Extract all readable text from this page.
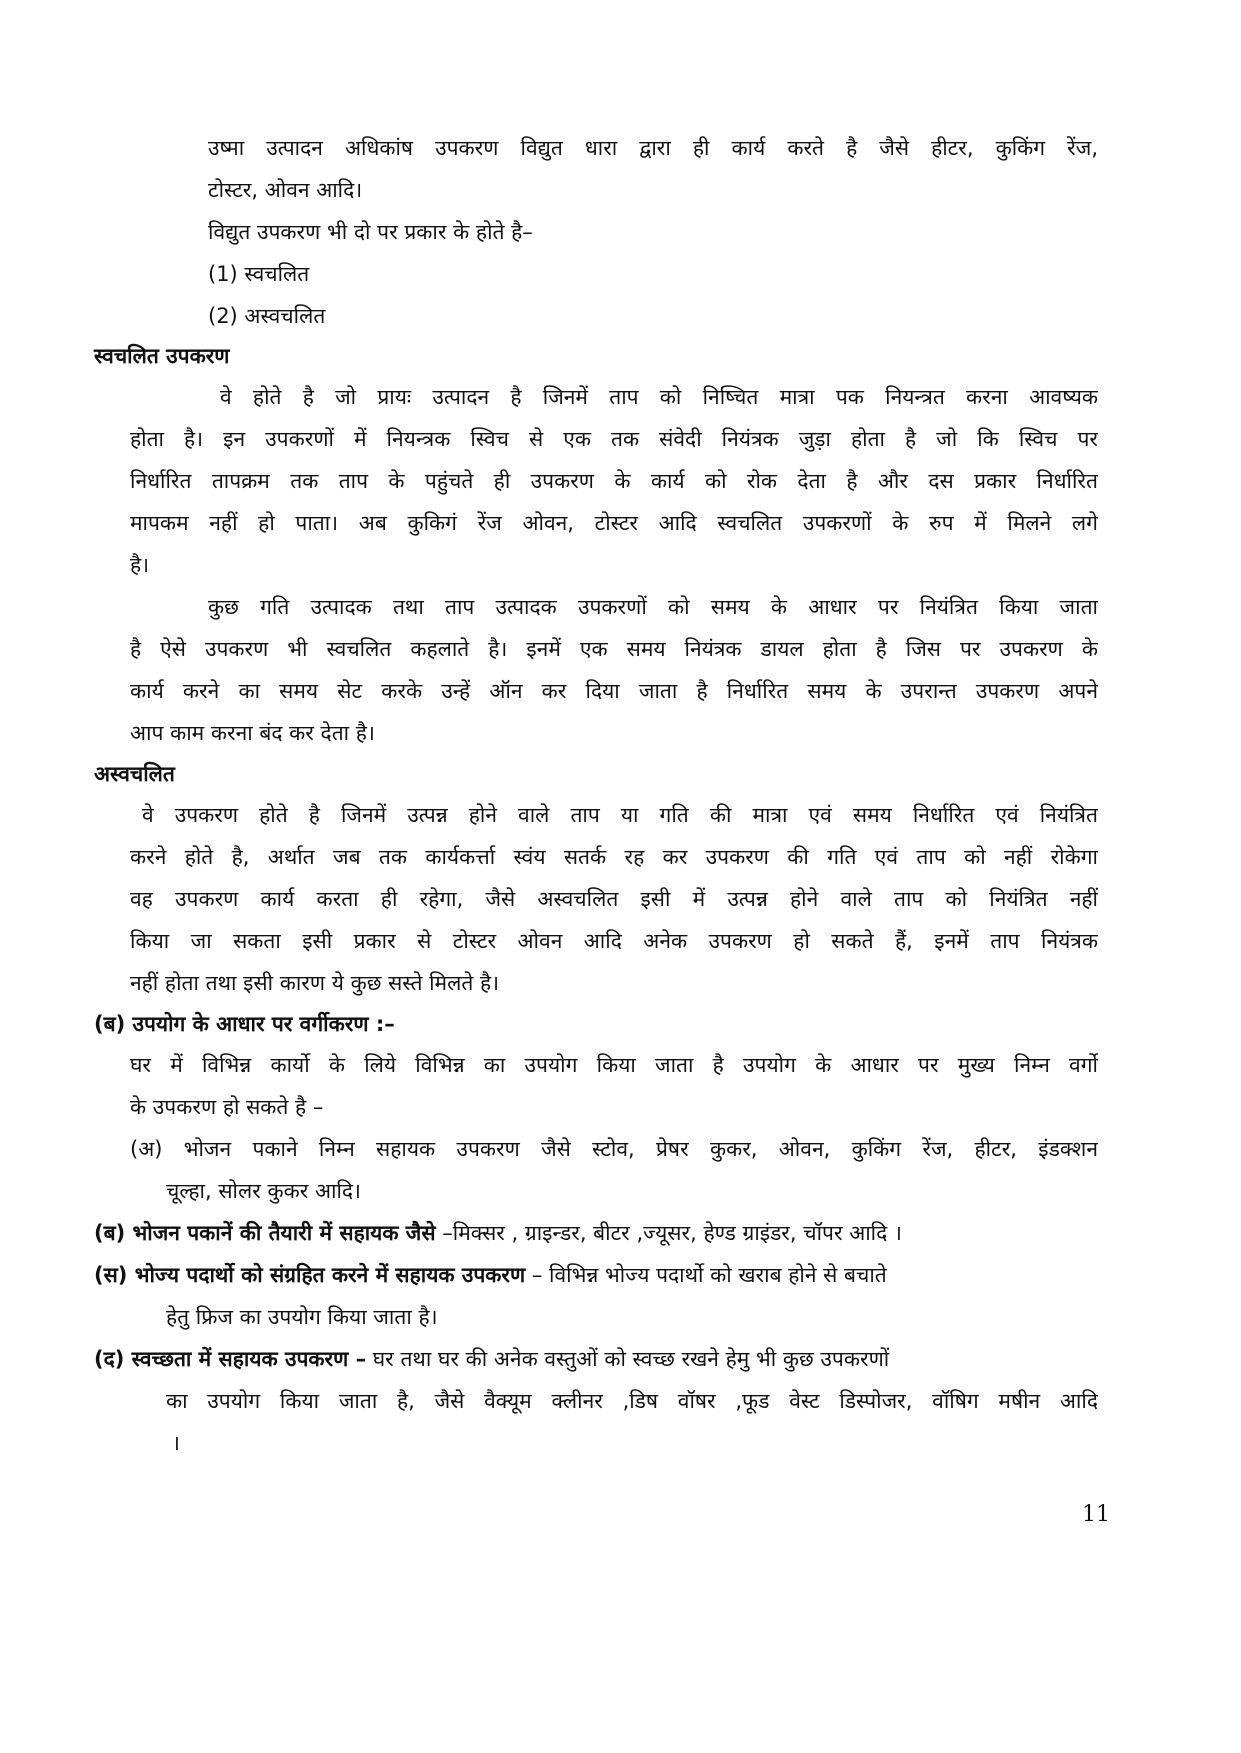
उष्मा उत्पादन अधिकांष उपकरण विद्युत धारा द्वारा ही कार्य करते है जैसे हीटर, कुकिंग रेंज,
टोस्टर, ओवन आदि।
विद्युत उपकरण भी दो पर प्रकार के होते है–
(1) स्वचलित
(2) अस्वचलित
स्वचलित उपकरण
वे होते है जो प्रायः उत्पादन है जिनमें ताप को निष्चित मात्रा पक नियन्त्रत करना आवष्यक
होता है। इन उपकरणों में नियन्त्रक स्विच से एक तक संवेदी नियंत्रक जुड़ा होता है जो कि स्विच पर
निर्धारित तापक्रम तक ताप के पहुंचते ही उपकरण के कार्य को रोक देता है और दस प्रकार निर्धारित
मापकम नहीं हो पाता। अब कुकिगं रेंज ओवन, टोस्टर आदि स्वचलित उपकरणों के रुप में मिलने लगे
है।
कुछ गति उत्पादक तथा ताप उत्पादक उपकरणों को समय के आधार पर नियंत्रित किया जाता
है ऐसे उपकरण भी स्वचलित कहलाते है। इनमें एक समय नियंत्रक डायल होता है जिस पर उपकरण के
कार्य करने का समय सेट करके उन्हें ऑन कर दिया जाता है निर्धारित समय के उपरान्त उपकरण अपने
आप काम करना बंद कर देता है।
अस्वचलित
वे उपकरण होते है जिनमें उत्पन्न होने वाले ताप या गति की मात्रा एवं समय निर्धारित एवं नियंत्रित
करने होते है, अर्थात जब तक कार्यकर्त्ता स्वंय सतर्क रह कर उपकरण की गति एवं ताप को नहीं रोकेगा
वह उपकरण कार्य करता ही रहेगा, जैसे अस्वचलित इसी में उत्पन्न होने वाले ताप को नियंत्रित नहीं
किया जा सकता इसी प्रकार से टोस्टर ओवन आदि अनेक उपकरण हो सकते हैं, इनमें ताप नियंत्रक
नहीं होता तथा इसी कारण ये कुछ सस्ते मिलते है।
(ब) उपयोग के आधार पर वर्गीकरण :–
घर में विभिन्न कार्यो के लिये विभिन्न का उपयोग किया जाता है उपयोग के आधार पर मुख्य निम्न वर्गो
के उपकरण हो सकते है –
(अ) भोजन पकाने निम्न सहायक उपकरण जैसे स्टोव, प्रेषर कुकर, ओवन, कुकिंग रेंज, हीटर, इंडक्शन
चूल्हा, सोलर कुकर आदि।
(ब) भोजन पकानें की तैयारी में सहायक जैसे –मिक्सर , ग्राइन्डर, बीटर ,ज्यूसर, हेण्ड ग्राइंडर, चॉपर आदि ।
(स) भोज्य पदार्थो को संग्रहित करने में सहायक उपकरण – विभिन्न भोज्य पदार्थो को खराब होने से बचाते
हेतु फ्रिज का उपयोग किया जाता है।
(द) स्वच्छता में सहायक उपकरण – घर तथा घर की अनेक वस्तुओं को स्वच्छ रखने हेमु भी कुछ उपकरणों
का उपयोग किया जाता है, जैसे वैक्यूम क्लीनर ,डिष वॉषर ,फूड वेस्ट डिस्पोजर, वॉषिग मषीन आदि
।
11
